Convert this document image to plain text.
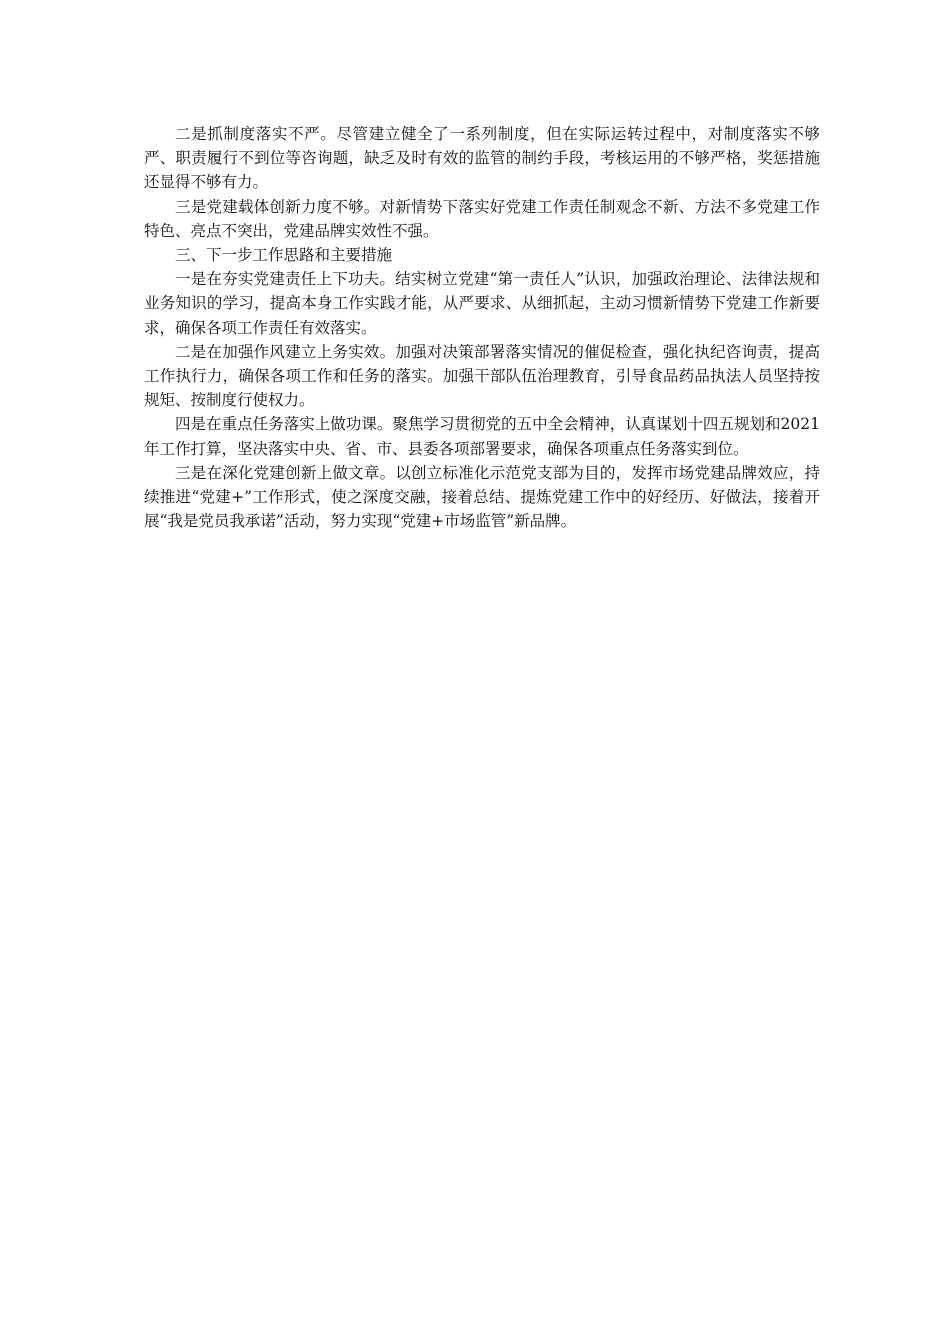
二是抓制度落实不严。尽管建立健全了一系列制度，但在实际运转过程中，对制度落实不够严、职责履行不到位等咨询题，缺乏及时有效的监管的制约手段，考核运用的不够严格，奖惩措施还显得不够有力。

三是党建载体创新力度不够。对新情势下落实好党建工作责任制观念不新、方法不多党建工作特色、亮点不突出，党建品牌实效性不强。

三、下一步工作思路和主要措施

一是在夯实党建责任上下功夫。结实树立党建“第一责任人”认识，加强政治理论、法律法规和业务知识的学习，提高本身工作实践才能，从严要求、从细抓起，主动习惯新情势下党建工作新要求，确保各项工作责任有效落实。

二是在加强作风建立上务实效。加强对决策部署落实情况的催促检查，强化执纪咨询责，提高工作执行力，确保各项工作和任务的落实。加强干部队伍治理教育，引导食品药品执法人员坚持按规矩、按制度行使权力。

四是在重点任务落实上做功课。聚焦学习贯彻党的五中全会精神，认真谋划十四五规划和2021年工作打算，坚决落实中央、省、市、县委各项部署要求，确保各项重点任务落实到位。

三是在深化党建创新上做文章。以创立标准化示范党支部为目的，发挥市场党建品牌效应，持续推进“党建+”工作形式，使之深度交融，接着总结、提炼党建工作中的好经历、好做法，接着开展“我是党员我承诺”活动，努力实现“党建+市场监管”新品牌。
